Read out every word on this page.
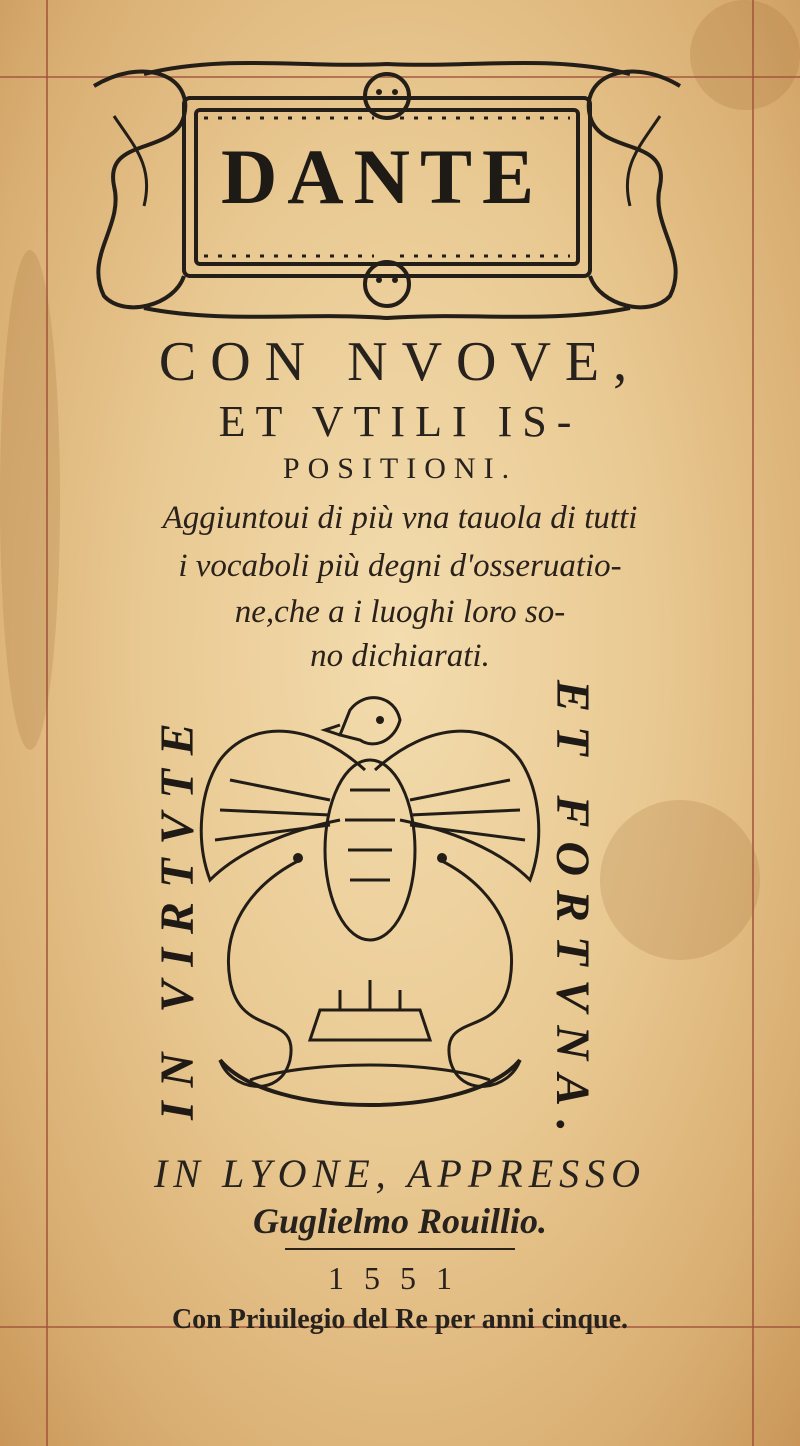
DANTE
CON NVOVE,
ET VTILI IS-
POSITIONI.
Aggiuntoui di più vna tauola di tutti
i vocaboli più degni d'osseruatio-
ne,che a i luoghi loro so-
no dichiarati.
IN VIRTVTE	ET FORTVNA.
IN LYONE, APPRESSO
Guglielmo Rouillio.
1551
Con Priuilegio del Re per anni cinque.
